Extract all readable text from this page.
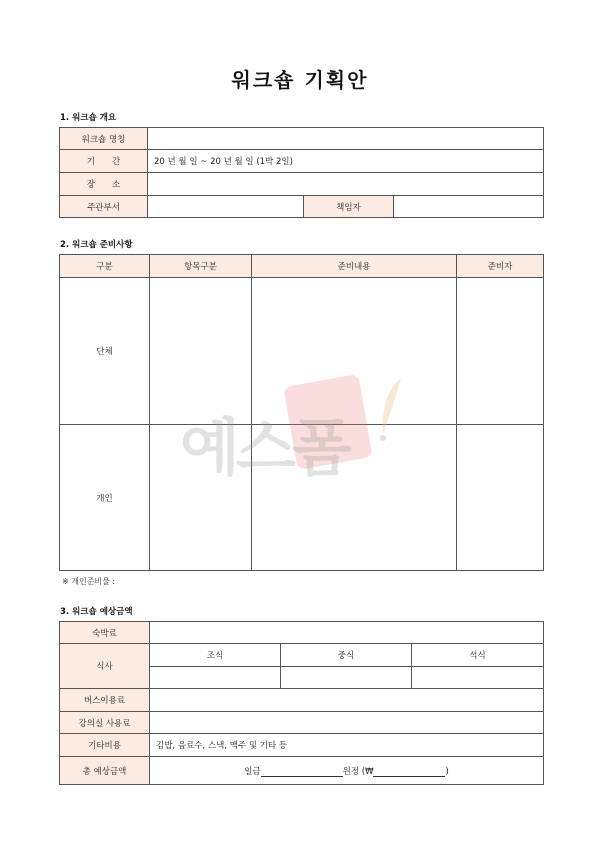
워크숍 기획안
1. 워크숍 개요
워크숍 명칭			
기　　간	20 년 월 일 ~ 20 년 월 일 (1박 2일)		
장　　소			
주관부서		책임자	
2. 워크숍 준비사항
구분	항목구분	준비내용	준비자
단체			
개인			
※ 개인준비물 :
3. 워크숍 예상금액
숙박료			
식사	조식	중식	석식

버스이용료			
강의실 사용료			
기타비용	김밥, 음료수, 스낵, 맥주 및 기타 등		
총 예상금액	일금 원정 (₩ )		
예스폼
